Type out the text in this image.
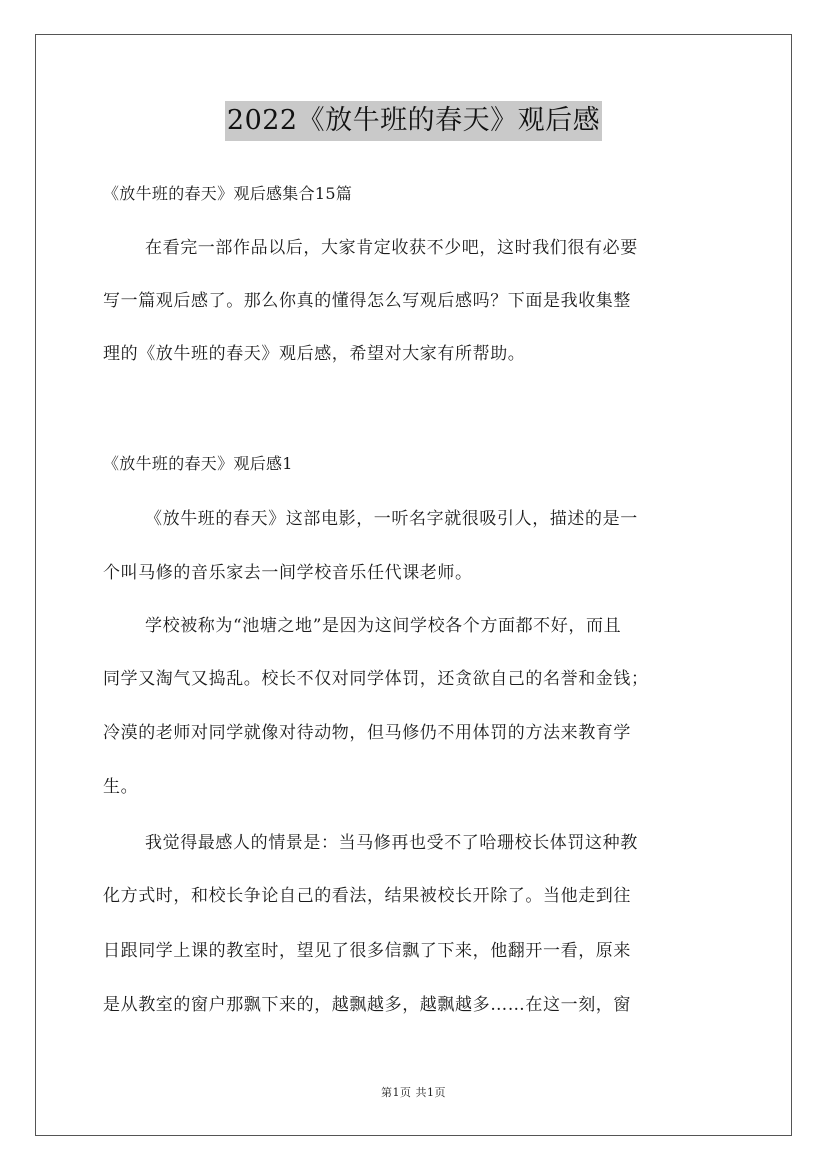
2022《放牛班的春天》观后感
《放牛班的春天》观后感集合15篇
在看完一部作品以后，大家肯定收获不少吧，这时我们很有必要
写一篇观后感了。那么你真的懂得怎么写观后感吗？下面是我收集整
理的《放牛班的春天》观后感，希望对大家有所帮助。
《放牛班的春天》观后感1
《放牛班的春天》这部电影，一听名字就很吸引人，描述的是一
个叫马修的音乐家去一间学校音乐任代课老师。
学校被称为“池塘之地”是因为这间学校各个方面都不好，而且
同学又淘气又捣乱。校长不仅对同学体罚，还贪欲自己的名誉和金钱；
冷漠的老师对同学就像对待动物，但马修仍不用体罚的方法来教育学
生。
我觉得最感人的情景是：当马修再也受不了哈珊校长体罚这种教
化方式时，和校长争论自己的看法，结果被校长开除了。当他走到往
日跟同学上课的教室时，望见了很多信飘了下来，他翻开一看，原来
是从教室的窗户那飘下来的，越飘越多，越飘越多……在这一刻，窗
第1页 共1页
